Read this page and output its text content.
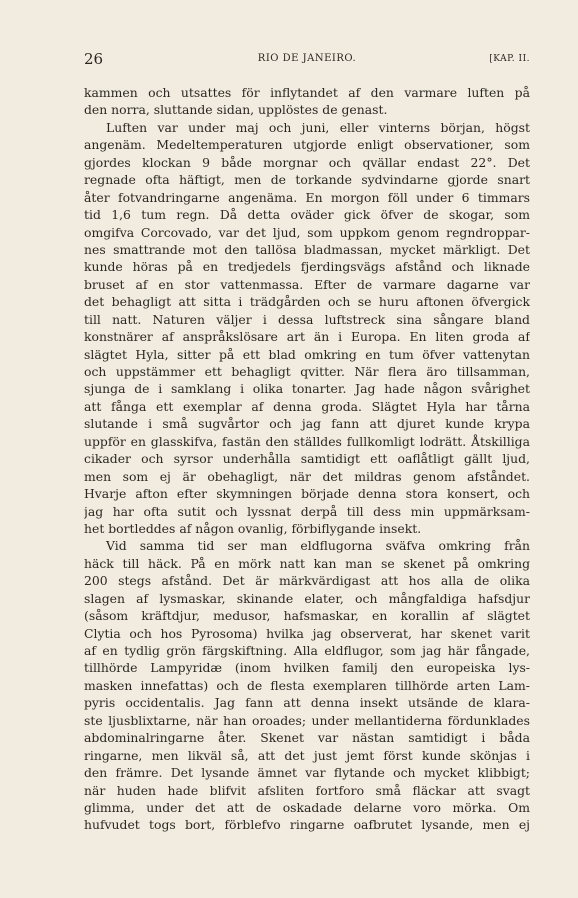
26	RIO DE JANEIRO.	[KAP. II.
kammen och utsattes för inflytandet af den varmare luften på
den norra, sluttande sidan, upplöstes de genast.
Luften var under maj och juni, eller vinterns början, högst
angenäm. Medeltemperaturen utgjorde enligt observationer, som
gjordes klockan 9 både morgnar och qvällar endast 22°. Det
regnade ofta häftigt, men de torkande sydvindarne gjorde snart
åter fotvandringarne angenäma. En morgon föll under 6 timmars
tid 1,6 tum regn. Då detta oväder gick öfver de skogar, som
omgifva Corcovado, var det ljud, som uppkom genom regndroppar-
nes smattrande mot den tallösa bladmassan, mycket märkligt. Det
kunde höras på en tredjedels fjerdingsvägs afstånd och liknade
bruset af en stor vattenmassa. Efter de varmare dagarne var
det behagligt att sitta i trädgården och se huru aftonen öfvergick
till natt. Naturen väljer i dessa luftstreck sina sångare bland
konstnärer af anspråkslösare art än i Europa. En liten groda af
slägtet Hyla, sitter på ett blad omkring en tum öfver vattenytan
och uppstämmer ett behagligt qvitter. När flera äro tillsamman,
sjunga de i samklang i olika tonarter. Jag hade någon svårighet
att fånga ett exemplar af denna groda. Slägtet Hyla har tårna
slutande i små sugvårtor och jag fann att djuret kunde krypa
uppför en glasskifva, fastän den ställdes fullkomligt lodrätt. Åtskilliga
cikader och syrsor underhålla samtidigt ett oaflåtligt gällt ljud,
men som ej är obehagligt, när det mildras genom afståndet.
Hvarje afton efter skymningen började denna stora konsert, och
jag har ofta sutit och lyssnat derpå till dess min uppmärksam-
het bortleddes af någon ovanlig, förbiflygande insekt.
Vid samma tid ser man eldflugorna sväfva omkring från
häck till häck. På en mörk natt kan man se skenet på omkring
200 stegs afstånd. Det är märkvärdigast att hos alla de olika
slagen af lysmaskar, skinande elater, och mångfaldiga hafsdjur
(såsom kräftdjur, medusor, hafsmaskar, en korallin af slägtet
Clytia och hos Pyrosoma) hvilka jag observerat, har skenet varit
af en tydlig grön färgskiftning. Alla eldflugor, som jag här fångade,
tillhörde Lampyridæ (inom hvilken familj den europeiska lys-
masken innefattas) och de flesta exemplaren tillhörde arten Lam-
pyris occidentalis. Jag fann att denna insekt utsände de klara-
ste ljusblixtarne, när han oroades; under mellantiderna fördunklades
abdominalringarne åter. Skenet var nästan samtidigt i båda
ringarne, men likväl så, att det just jemt först kunde skönjas i
den främre. Det lysande ämnet var flytande och mycket klibbigt;
när huden hade blifvit afsliten fortforo små fläckar att svagt
glimma, under det att de oskadade delarne voro mörka. Om
hufvudet togs bort, förblefvo ringarne oafbrutet lysande, men ej
